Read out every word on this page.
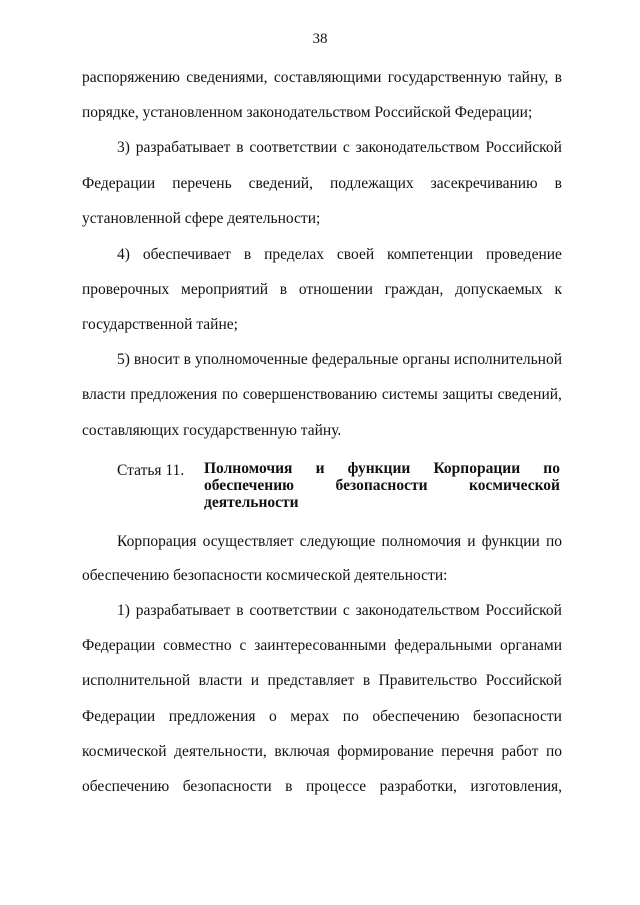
38
распоряжению сведениями, составляющими государственную тайну, в
порядке, установленном законодательством Российской Федерации;
3) разрабатывает в соответствии с законодательством Российской
Федерации перечень сведений, подлежащих засекречиванию в
установленной сфере деятельности;
4) обеспечивает в пределах своей компетенции проведение
проверочных мероприятий в отношении граждан, допускаемых к
государственной тайне;
5) вносит в уполномоченные федеральные органы исполнительной
власти предложения по совершенствованию системы защиты сведений,
составляющих государственную тайну.
Статья 11. Полномочия и функции Корпорации по
обеспечению	безопасности	космической
деятельности
Корпорация осуществляет следующие полномочия и функции по
обеспечению безопасности космической деятельности:
1) разрабатывает в соответствии с законодательством Российской
Федерации совместно с заинтересованными федеральными органами
исполнительной власти и представляет в Правительство Российской
Федерации предложения о мерах по обеспечению безопасности
космической деятельности, включая формирование перечня работ по
обеспечению безопасности в процессе разработки, изготовления,
